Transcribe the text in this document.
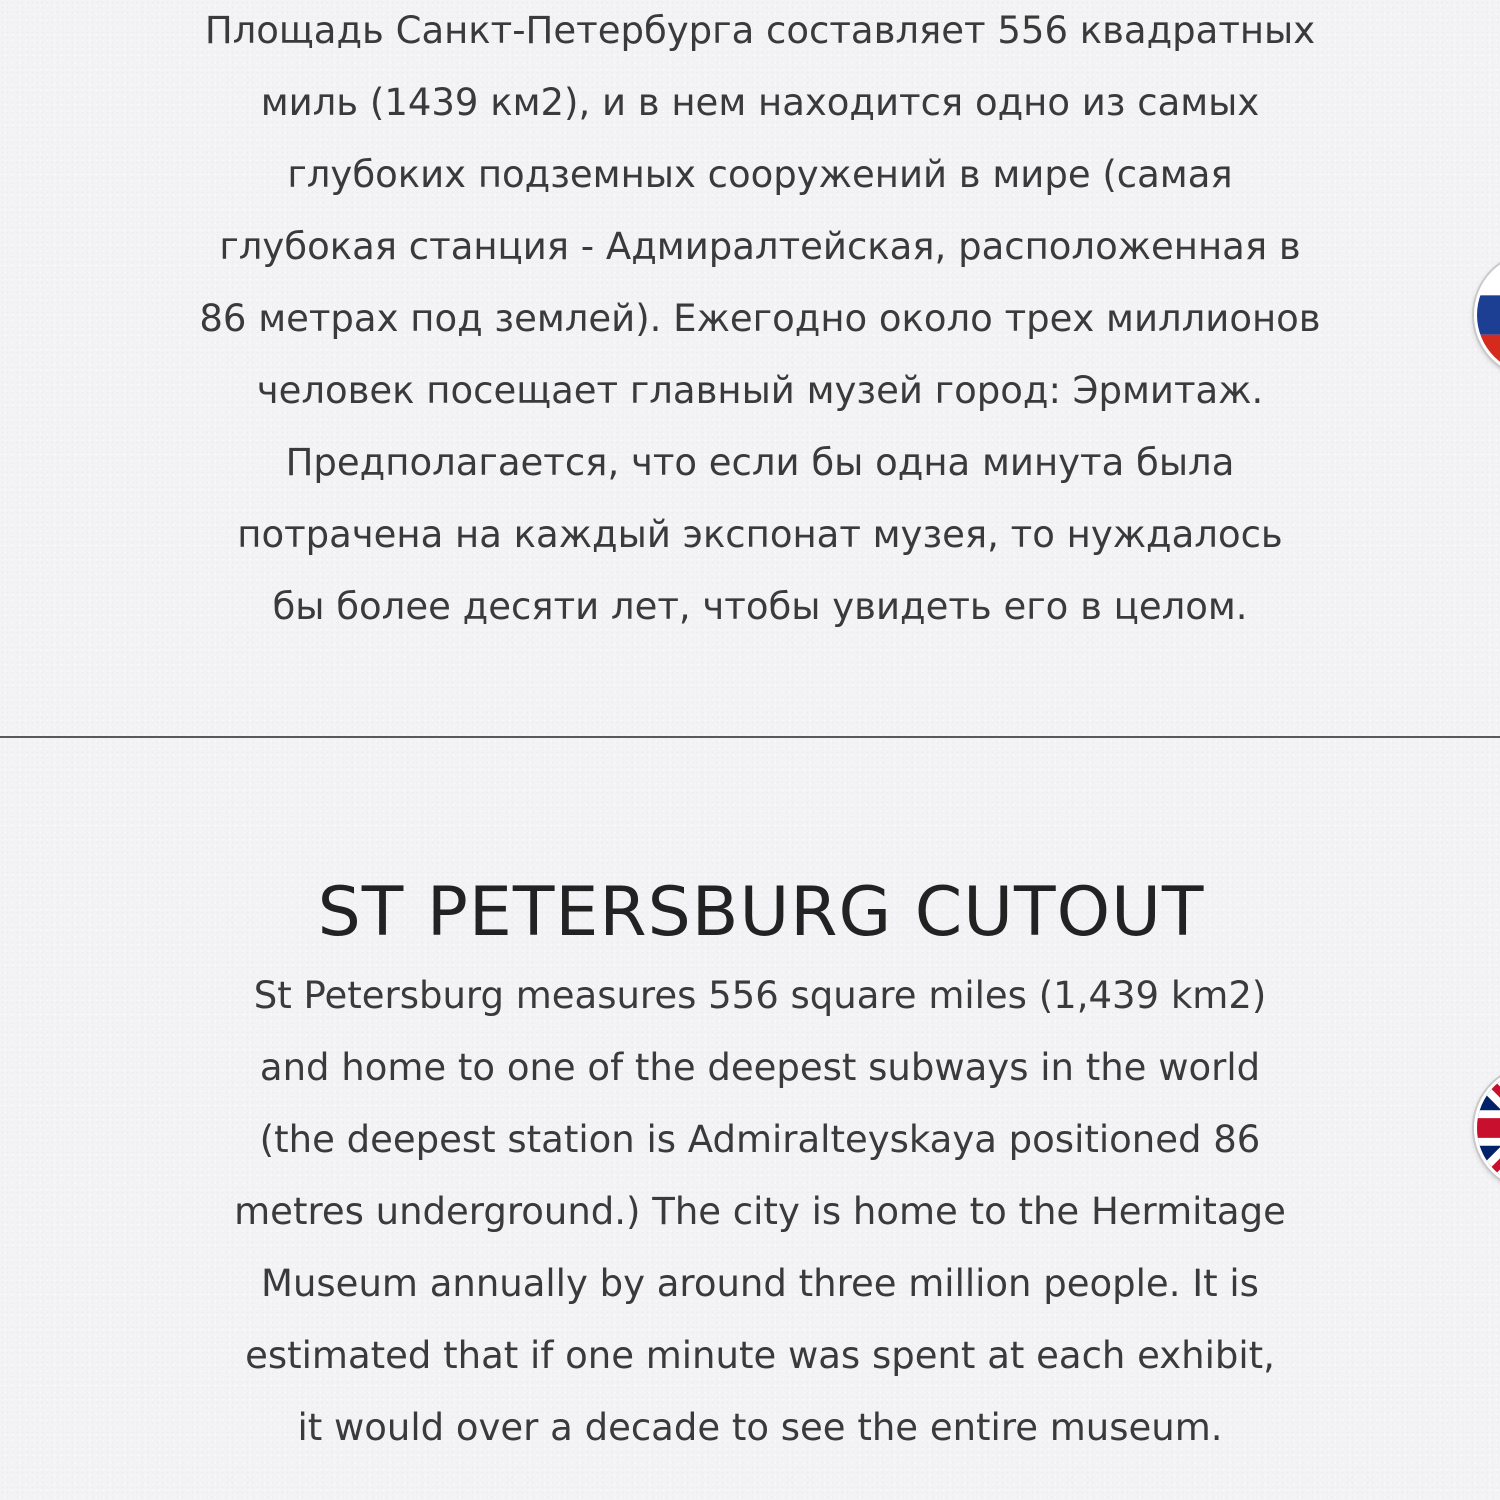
Площадь Санкт-Петербурга составляет 556 квадратных
миль (1439 км2), и в нем находится одно из самых
глубоких подземных сооружений в мире (самая
глубокая станция - Адмиралтейская, расположенная в
86 метрах под землей). Ежегодно около трех миллионов
человек посещает главный музей город: Эрмитаж.
Предполагается, что если бы одна минута была
потрачена на каждый экспонат музея, то нуждалось
бы более десяти лет, чтобы увидеть его в целом.
ST PETERSBURG CUTOUT
St Petersburg measures 556 square miles (1,439 km2)
and home to one of the deepest subways in the world
(the deepest station is Admiralteyskaya positioned 86
metres underground.) The city is home to the Hermitage
Museum annually by around three million people. It is
estimated that if one minute was spent at each exhibit,
it would over a decade to see the entire museum.
